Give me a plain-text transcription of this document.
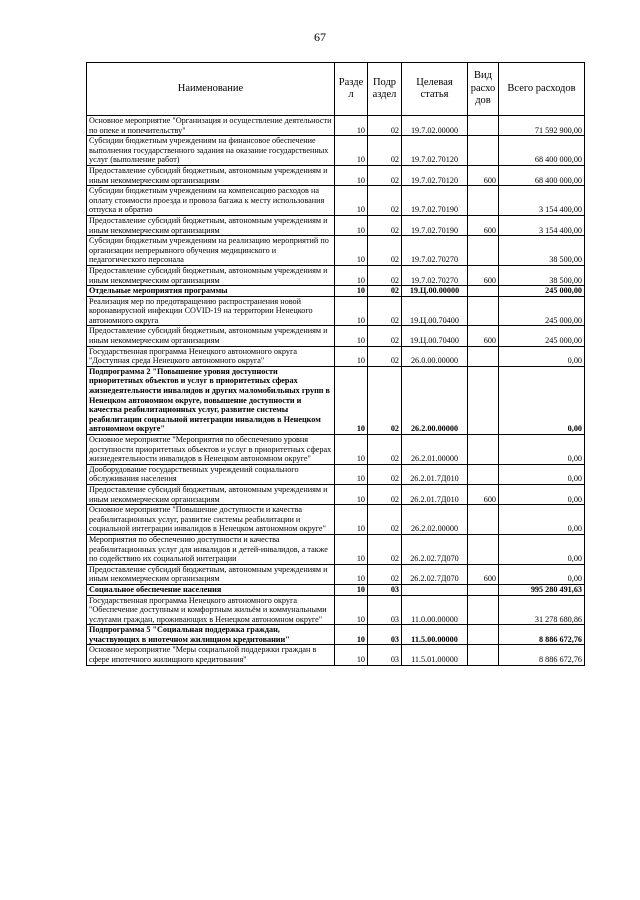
67
Наименование	Разде л	Подр аздел	Целевая статья	Вид расхо дов	Всего расходов
Основное мероприятие "Организация и осуществление деятельности по опеке и попечительству"	10	02	19.7.02.00000		71 592 900,00
Субсидии бюджетным учреждениям на финансовое обеспечение выполнения государственного задания на оказание государственных услуг (выполнение работ)	10	02	19.7.02.70120		68 400 000,00
Предоставление субсидий бюджетным, автономным учреждениям и иным некоммерческим организациям	10	02	19.7.02.70120	600	68 400 000,00
Субсидии бюджетным учреждениям на компенсацию расходов на оплату стоимости проезда и провоза багажа к месту использования отпуска и обратно	10	02	19.7.02.70190		3 154 400,00
Предоставление субсидий бюджетным, автономным учреждениям и иным некоммерческим организациям	10	02	19.7.02.70190	600	3 154 400,00
Субсидии бюджетным учреждениям на реализацию мероприятий по организации непрерывного обучения медицинского и педагогического персонала	10	02	19.7.02.70270		38 500,00
Предоставление субсидий бюджетным, автономным учреждениям и иным некоммерческим организациям	10	02	19.7.02.70270	600	38 500,00
Отдельные мероприятия программы	10	02	19.Ц.00.00000		245 000,00
Реализация мер по предотвращению распространения новой коронавирусной инфекции COVID-19 на территории Ненецкого автономного округа	10	02	19.Ц.00.70400		245 000,00
Предоставление субсидий бюджетным, автономным учреждениям и иным некоммерческим организациям	10	02	19.Ц.00.70400	600	245 000,00
Государственная программа Ненецкого автономного округа "Доступная среда Ненецкого автономного округа"	10	02	26.0.00.00000		0,00
Подпрограмма 2 "Повышение уровня доступности приоритетных объектов и услуг в приоритетных сферах жизнедеятельности инвалидов и других маломобильных групп в Ненецком автономном округе, повышение доступности и качества реабилитационных услуг, развитие системы реабилитации социальной интеграции инвалидов в Ненецком автономном округе"	10	02	26.2.00.00000		0,00
Основное мероприятие "Мероприятия по обеспечению уровня доступности приоритетных объектов и услуг в приоритетных сферах жизнедеятельности инвалидов в Ненецком автономном округе"	10	02	26.2.01.00000		0,00
Дооборудование государственных учреждений социального обслуживания населения	10	02	26.2.01.7Д010		0,00
Предоставление субсидий бюджетным, автономным учреждениям и иным некоммерческим организациям	10	02	26.2.01.7Д010	600	0,00
Основное мероприятие "Повышение доступности и качества реабилитационных услуг, развитие системы реабилитации и социальной интеграции инвалидов в Ненецком автономном округе"	10	02	26.2.02.00000		0,00
Мероприятия по обеспечению доступности и качества реабилитационных услуг для инвалидов и детей-инвалидов, а также по содействию их социальной интеграции	10	02	26.2.02.7Д070		0,00
Предоставление субсидий бюджетным, автономным учреждениям и иным некоммерческим организациям	10	02	26.2.02.7Д070	600	0,00
Социальное обеспечение населения	10	03			995 280 491,63
Государственная программа Ненецкого автономного округа "Обеспечение доступным и комфортным жильём и коммунальными услугами граждан, проживающих в Ненецком автономном округе"	10	03	11.0.00.00000		31 278 680,86
Подпрограмма 5 "Социальная поддержка граждан, участвующих в ипотечном жилищном кредитовании"	10	03	11.5.00.00000		8 886 672,76
Основное мероприятие "Меры социальной поддержки граждан в сфере ипотечного жилищного кредитования"	10	03	11.5.01.00000		8 886 672,76
